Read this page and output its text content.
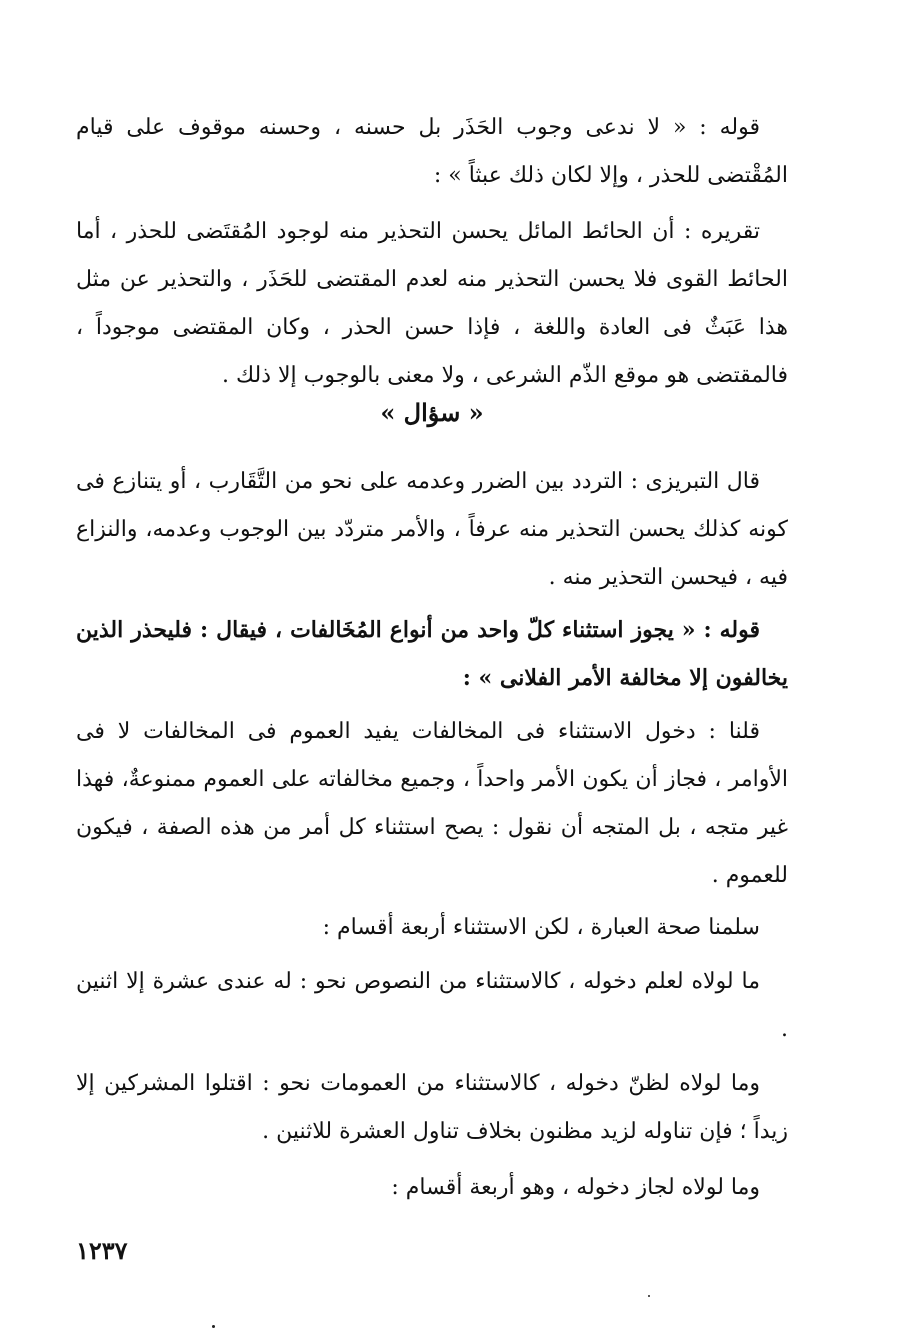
قوله : « لا ندعى وجوب الحَذَر بل حسنه ، وحسنه موقوف على قيام المُقْتضى للحذر ، وإلا لكان ذلك عبثاً » :

تقريره : أن الحائط المائل يحسن التحذير منه لوجود المُقتَضى للحذر ، أما الحائط القوى فلا يحسن التحذير منه لعدم المقتضى للحَذَر ، والتحذير عن مثل هذا عَبَثٌ فى العادة واللغة ، فإذا حسن الحذر ، وكان المقتضى موجوداً ، فالمقتضى هو موقع الذّم الشرعى ، ولا معنى بالوجوب إلا ذلك .

« سؤال »

قال التبريزى : التردد بين الضرر وعدمه على نحو من التَّقَارب ، أو يتنازع فى كونه كذلك يحسن التحذير منه عرفاً ، والأمر متردّد بين الوجوب وعدمه، والنزاع فيه ، فيحسن التحذير منه .

قوله : « يجوز استثناء كلّ واحد من أنواع المُخَالفات ، فيقال : فليحذر الذين يخالفون إلا مخالفة الأمر الفلانى » :

قلنا : دخول الاستثناء فى المخالفات يفيد العموم فى المخالفات لا فى الأوامر ، فجاز أن يكون الأمر واحداً ، وجميع مخالفاته على العموم ممنوعةٌ، فهذا غير متجه ، بل المتجه أن نقول : يصح استثناء كل أمر من هذه الصفة ، فيكون للعموم .

سلمنا صحة العبارة ، لكن الاستثناء أربعة أقسام :

ما لولاه لعلم دخوله ، كالاستثناء من النصوص نحو : له عندى عشرة إلا اثنين .

وما لولاه لظنّ دخوله ، كالاستثناء من العمومات نحو : اقتلوا المشركين إلا زيداً ؛ فإن تناوله لزيد مظنون بخلاف تناول العشرة للاثنين .

وما لولاه لجاز دخوله ، وهو أربعة أقسام :

١٢٣٧
